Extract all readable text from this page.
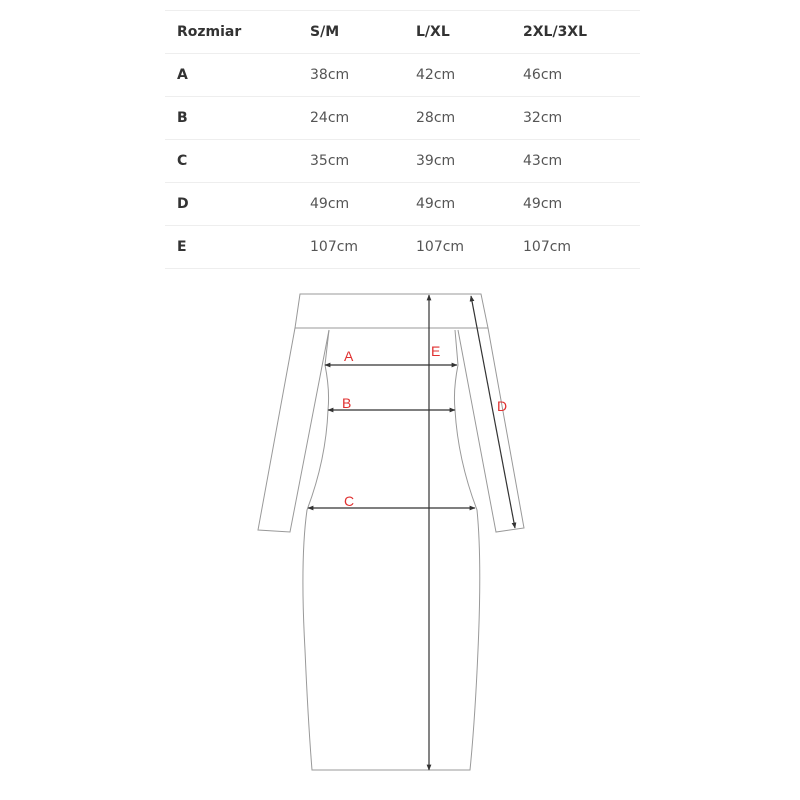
Rozmiar	S/M	L/XL	2XL/3XL
A	38cm	42cm	46cm
B	24cm	28cm	32cm
C	35cm	39cm	43cm
D	49cm	49cm	49cm
E	107cm	107cm	107cm
A	E
B	D
C
